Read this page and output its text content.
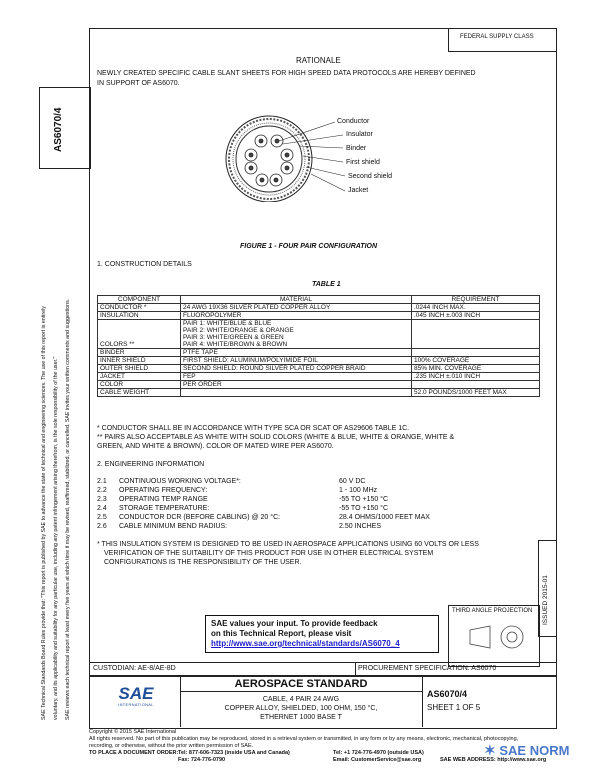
AS6070/4
SAE Technical Standards Board Rules provide that: "This report is published by SAE to advance the state of technical and engineering sciences. The use of this report is entirely voluntary, and its applicability and suitability for any particular use, including any patent infringement arising therefrom, is the sole responsibility of the user." SAE reviews each technical report at least every five years at which time it may be revised, reaffirmed, stabilized, or cancelled. SAE invites your written comments and suggestions.
FEDERAL SUPPLY CLASS
RATIONALE
NEWLY CREATED SPECIFIC CABLE SLANT SHEETS FOR HIGH SPEED DATA PROTOCOLS ARE HEREBY DEFINED
IN SUPPORT OF AS6070.
Conductor
Insulator
Binder
First shield
Second shield
Jacket
FIGURE 1 - FOUR PAIR CONFIGURATION
1. CONSTRUCTION DETAILS
TABLE 1
COMPONENT	MATERIAL	REQUIREMENT
CONDUCTOR *	24 AWG 19X36 SILVER PLATED COPPER ALLOY	.0244 INCH MAX.
INSULATION	FLUOROPOLYMER	.045 INCH ±.003 INCH
COLORS **	PAIR 1: WHITE/BLUE & BLUE
PAIR 2: WHITE/ORANGE & ORANGE
PAIR 3: WHITE/GREEN & GREEN
PAIR 4: WHITE/BROWN & BROWN	
BINDER	PTFE TAPE	
INNER SHIELD	FIRST SHIELD: ALUMINUM/POLYIMIDE FOIL	100% COVERAGE
OUTER SHIELD	SECOND SHIELD: ROUND SILVER PLATED COPPER BRAID	85% MIN. COVERAGE
JACKET	FEP	.235 INCH ±.010 INCH
COLOR	PER ORDER	
CABLE WEIGHT		52.0 POUNDS/1000 FEET MAX
* CONDUCTOR SHALL BE IN ACCORDANCE WITH TYPE SCA OR SCAT OF AS29606 TABLE 1C.
** PAIRS ALSO ACCEPTABLE AS WHITE WITH SOLID COLORS (WHITE & BLUE, WHITE & ORANGE, WHITE &
GREEN, AND WHITE & BROWN). COLOR OF MATED WIRE PER AS6070.
2. ENGINEERING INFORMATION
2.1 CONTINUOUS WORKING VOLTAGE*:	60 V DC
2.2 OPERATING FREQUENCY:	1 - 100 MHz
2.3 OPERATING TEMP RANGE	-55 TO +150 °C
2.4 STORAGE TEMPERATURE:	-55 TO +150 °C
2.5 CONDUCTOR DCR (BEFORE CABLING) @ 20 °C:	28.4 OHMS/1000 FEET MAX
2.6 CABLE MINIMUM BEND RADIUS:	2.50 INCHES
* THIS INSULATION SYSTEM IS DESIGNED TO BE USED IN AEROSPACE APPLICATIONS USING 60 VOLTS OR LESS
VERIFICATION OF THE SUITABILITY OF THIS PRODUCT FOR USE IN OTHER ELECTRICAL SYSTEM
CONFIGURATIONS IS THE RESPONSIBILITY OF THE USER.
ISSUED 2015-01
THIRD ANGLE PROJECTION
SAE values your input. To provide feedback
on this Technical Report, please visit
http://www.sae.org/technical/standards/AS6070_4
CUSTODIAN: AE-8/AE-8D	PROCUREMENT SPECIFICATION: AS6070
SAE
INTERNATIONAL
AEROSPACE STANDARD
CABLE, 4 PAIR 24 AWG
COPPER ALLOY, SHIELDED, 100 OHM, 150 °C,
ETHERNET 1000 BASE T
AS6070/4
SHEET 1 OF 5
Copyright © 2015 SAE International
All rights reserved. No part of this publication may be reproduced, stored in a retrieval system or transmitted, in any form or by any means, electronic, mechanical, photocopying,
recording, or otherwise, without the prior written permission of SAE.
TO PLACE A DOCUMENT ORDER: Tel: 877-606-7323 (inside USA and Canada)
Fax: 724-776-0790
Tel: +1 724-776-4970 (outside USA)
Email: CustomerService@sae.org	SAE WEB ADDRESS: http://www.sae.org
✶ SAE NORM
